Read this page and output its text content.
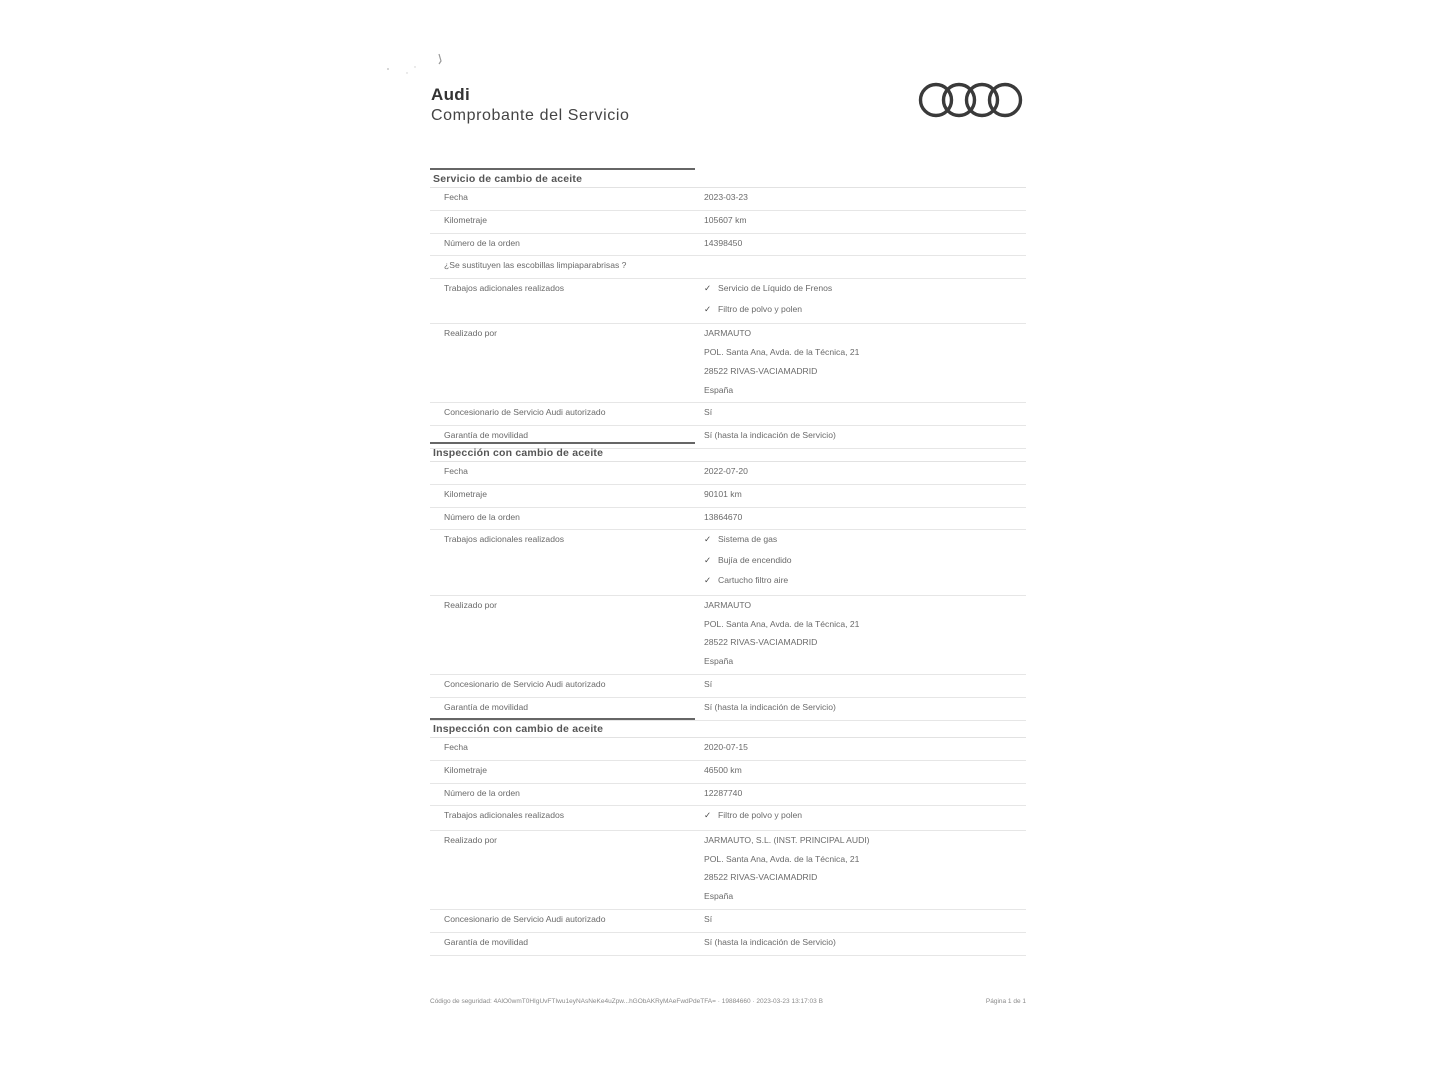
Audi
Comprobante del Servicio
Servicio de cambio de aceite
Fecha	2023-03-23
Kilometraje	105607 km
Número de la orden	14398450
¿Se sustituyen las escobillas limpiaparabrisas ?
Trabajos adicionales realizados	✓ Servicio de Líquido de Frenos
✓ Filtro de polvo y polen
Realizado por	JARMAUTO
POL. Santa Ana, Avda. de la Técnica, 21
28522 RIVAS-VACIAMADRID
España
Concesionario de Servicio Audi autorizado	Sí
Garantía de movilidad	Sí (hasta la indicación de Servicio)
Inspección con cambio de aceite
Fecha	2022-07-20
Kilometraje	90101 km
Número de la orden	13864670
Trabajos adicionales realizados	✓ Sistema de gas
✓ Bujía de encendido
✓ Cartucho filtro aire
Realizado por	JARMAUTO
POL. Santa Ana, Avda. de la Técnica, 21
28522 RIVAS-VACIAMADRID
España
Concesionario de Servicio Audi autorizado	Sí
Garantía de movilidad	Sí (hasta la indicación de Servicio)
Inspección con cambio de aceite
Fecha	2020-07-15
Kilometraje	46500 km
Número de la orden	12287740
Trabajos adicionales realizados	✓ Filtro de polvo y polen
Realizado por	JARMAUTO, S.L. (INST. PRINCIPAL AUDI)
POL. Santa Ana, Avda. de la Técnica, 21
28522 RIVAS-VACIAMADRID
España
Concesionario de Servicio Audi autorizado	Sí
Garantía de movilidad	Sí (hasta la indicación de Servicio)
Código de seguridad: 4AlO0wmT0HIgUvFTIwu1eyNAsNeKe4uZpw...hGObAKRyMAeFwdPdeTFA= · 19884660 · 2023-03-23 13:17:03 B	Página 1 de 1
